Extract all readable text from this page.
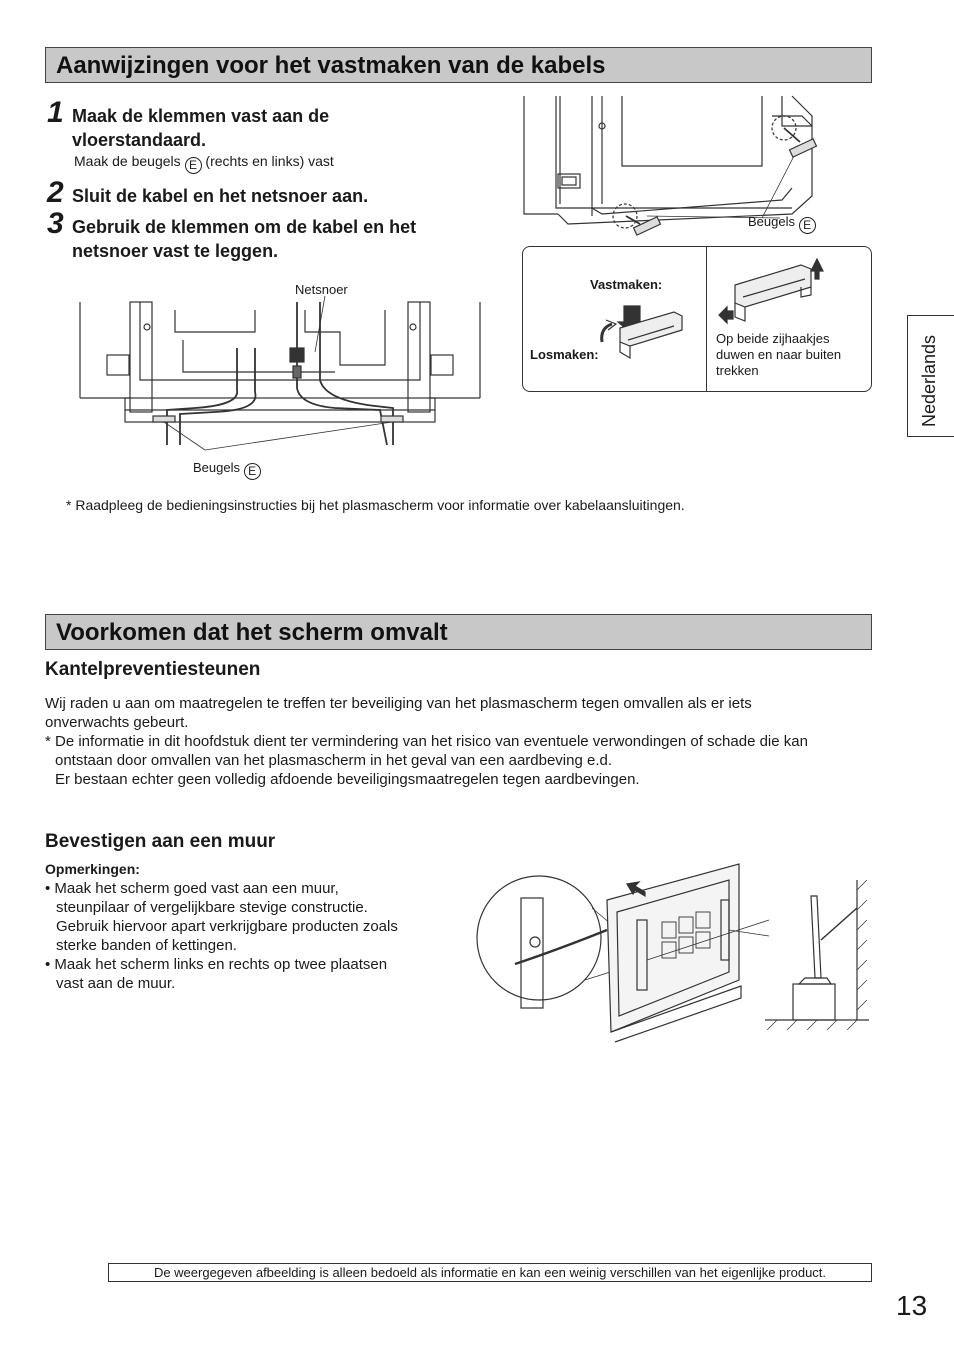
Aanwijzingen voor het vastmaken van de kabels
1 Maak de klemmen vast aan de
vloerstandaard.
Maak de beugels E (rechts en links) vast
2 Sluit de kabel en het netsnoer aan.
3 Gebruik de klemmen om de kabel en het
netsnoer vast te leggen.
Netsnoer
Beugels E
Beugels E
Vastmaken:
Losmaken:
Op beide zijhaakjes
duwen en naar buiten
trekken
* Raadpleeg de bedieningsinstructies bij het plasmascherm voor informatie over kabelaansluitingen.
Nederlands
Voorkomen dat het scherm omvalt
Kantelpreventiesteunen
Wij raden u aan om maatregelen te treffen ter beveiliging van het plasmascherm tegen omvallen als er iets
onverwachts gebeurt.
* De informatie in dit hoofdstuk dient ter vermindering van het risico van eventuele verwondingen of schade die kan
ontstaan door omvallen van het plasmascherm in het geval van een aardbeving e.d.
Er bestaan echter geen volledig afdoende beveiligingsmaatregelen tegen aardbevingen.
Bevestigen aan een muur
Opmerkingen:
• Maak het scherm goed vast aan een muur,
steunpilaar of vergelijkbare stevige constructie.
Gebruik hiervoor apart verkrijgbare producten zoals
sterke banden of kettingen.
• Maak het scherm links en rechts op twee plaatsen
vast aan de muur.
De weergegeven afbeelding is alleen bedoeld als informatie en kan een weinig verschillen van het eigenlijke product.
13
